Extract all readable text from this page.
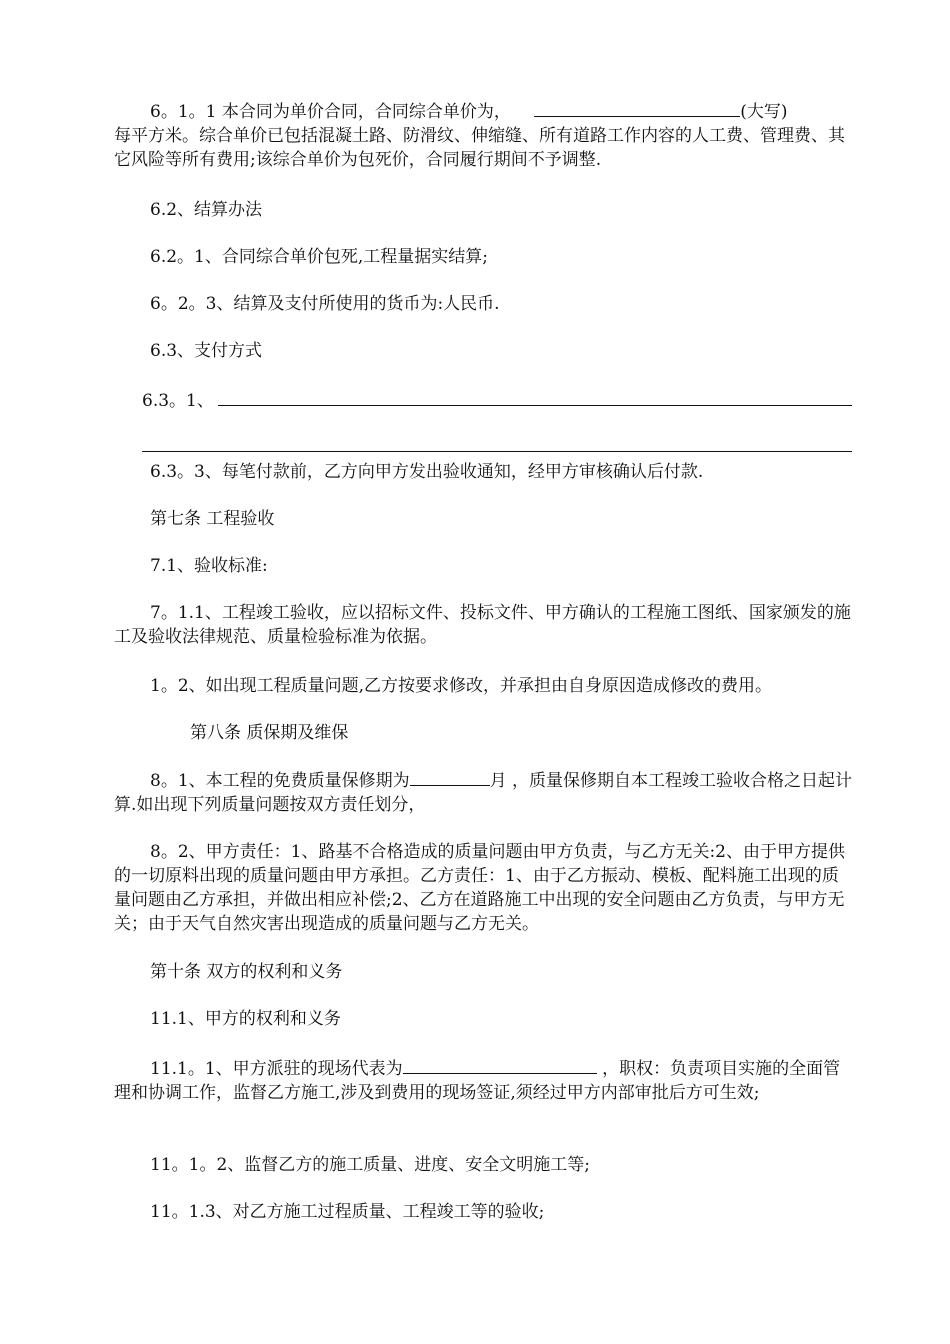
6。1。1 本合同为单价合同，合同综合单价为，	(大写)
每平方米。综合单价已包括混凝土路、防滑纹、伸缩缝、所有道路工作内容的人工费、管理费、其它风险等所有费用;该综合单价为包死价，合同履行期间不予调整.

6.2、结算办法

6.2。1、合同综合单价包死,工程量据实结算;

6。2。3、结算及支付所使用的货币为:人民币.

6.3、支付方式

6.3。1、

6.3。3、每笔付款前，乙方向甲方发出验收通知，经甲方审核确认后付款.

第七条 工程验收

7.1、验收标准:

7。1.1、工程竣工验收，应以招标文件、投标文件、甲方确认的工程施工图纸、国家颁发的施工及验收法律规范、质量检验标准为依据。

1。2、如出现工程质量问题,乙方按要求修改，并承担由自身原因造成修改的费用。

第八条 质保期及维保

8。1、本工程的免费质量保修期为	月 ，质量保修期自本工程竣工验收合格之日起计算.如出现下列质量问题按双方责任划分，

8。2、甲方责任：1、路基不合格造成的质量问题由甲方负责，与乙方无关:2、由于甲方提供的一切原料出现的质量问题由甲方承担。乙方责任：1、由于乙方振动、模板、配料施工出现的质量问题由乙方承担，并做出相应补偿;2、乙方在道路施工中出现的安全问题由乙方负责，与甲方无关；由于天气自然灾害出现造成的质量问题与乙方无关。

第十条 双方的权利和义务

11.1、甲方的权利和义务

11.1。1、甲方派驻的现场代表为	，职权：负责项目实施的全面管理和协调工作，监督乙方施工,涉及到费用的现场签证,须经过甲方内部审批后方可生效;

11。1。2、监督乙方的施工质量、进度、安全文明施工等;

11。1.3、对乙方施工过程质量、工程竣工等的验收;
